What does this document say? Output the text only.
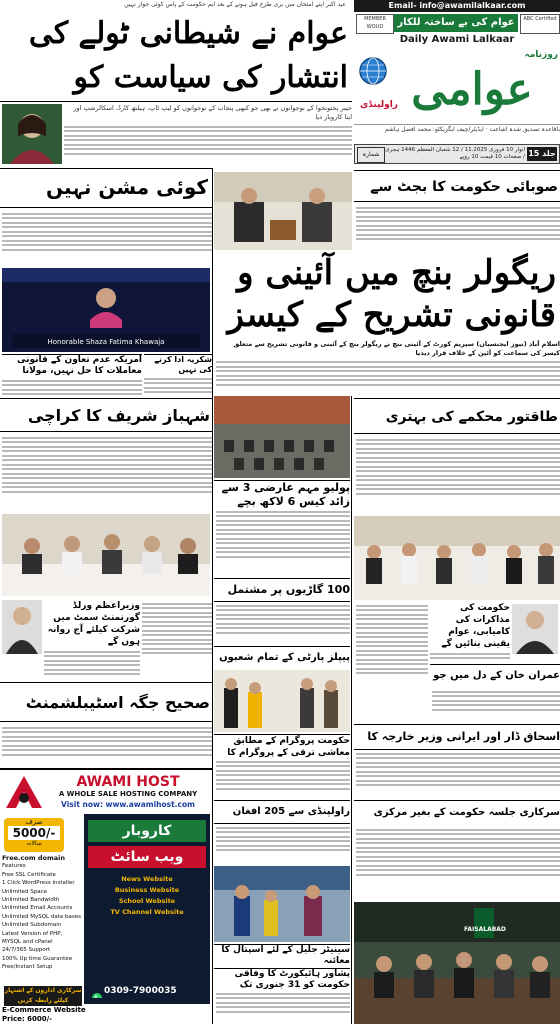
عید اکبر اپنے امتحان میں بری طرح فیل ہونے کے بعد ایم حکومت کے پاس کوئی جواز نہیں	Email- info@awamilalkaar.com
MEMBER WOUD	عوام کی بے ساختہ للکار	ABC Certified
Daily Awami Lalkaar
روزنامہ
عوامی
راولپنڈی
باقاعدہ تصدیق شدہ اشاعت · ایڈیٹر/چیف ایگزیکٹو: محمد افضل ہاشم
شمارہ
اتوار 10 فروری 11.2025 / 12 شعبان المعظم 1446 ہجری / صفحات 10 قیمت 10 روپے جلد 15
عوام نے شیطانی ٹولے کی انتشار کی سیاست کو
خیبر پختونخوا کے نوجوانوں نے بھی جو کبھی پنجاب کے نوجوانوں کو لیپ ٹاپ، ہیلتھ کارڈ، اسکالرشپ اور اپنا کاروبار دیا
کوئی مشن نہیں
Honorable Shaza Fatima Khawaja
امریکہ عدم تعاون کے قانونی معاملات کا حل نہیں، مولانا
شکریہ ادا کرنے کی نہیں
شہباز شریف کا کراچی
وزیراعظم ورلڈ گورنمنٹ سمٹ میں شرکت کیلئے آج روانہ ہوں گے
صحیح جگہ اسٹیبلشمنٹ
AWAMI HOST
A WHOLE SALE HOSTING COMPANY
Visit now: www.awamihost.com
صرف
5000/-
سالانہ
Free.com domain
Features
Free SSL Certificate
1 Click WordPress installer
Unlimited Space
Unlimited Bandwidth
Unlimited Email Accounts
Unlimited MySQL data bases
Unlimited Subdomain
Latest Version of PHP, MYSQL and cPanel
24/7/365 Support
100% Up time Guarantee
Free/Instant Setup
کاروبار
ویب سائٹ
News Website
Business Website
School Website
TV Channel Website
0309-7900035
سرکاری اداروں کے اشتہار کیلئے رابطہ کریں
E-Commerce Website
Price: 6000/-
صوبائی حکومت کا بجٹ سے
ریگولر بنچ میں آئینی و قانونی تشریح کے کیسز
اسلام آباد (نیوز ایجنسیاں) سپریم کورٹ کے آئینی بنچ نے ریگولر بنچ کے آئینی و قانونی تشریح سے متعلق کیسز کی سماعت کو آئین کے خلاف قرار دیدیا
پولیو مہم عارضی 3 سے زائد کیس 6 لاکھ بچے
100 گاڑیوں پر مشتمل
پیپلز پارٹی کے تمام شعبوں
حکومت پروگرام کے مطابق معاشی ترقی کے پروگرام کا
راولپنڈی سے 205 افغان
سینیٹر جلیل کے لئے اسپتال کا معائنہ
پشاور ہائیکورٹ کا وفاقی حکومت کو 31 جنوری تک
طاقتور محکمے کی بہتری
حکومت کی مذاکرات کی کامیابی، عوام یقینی بنائیں گے
عمران خان کے دل میں جو
اسحاق ڈار اور ایرانی وزیر خارجہ کا
سرکاری جلسہ حکومت کے بغیر مرکزی
FAISALABAD
